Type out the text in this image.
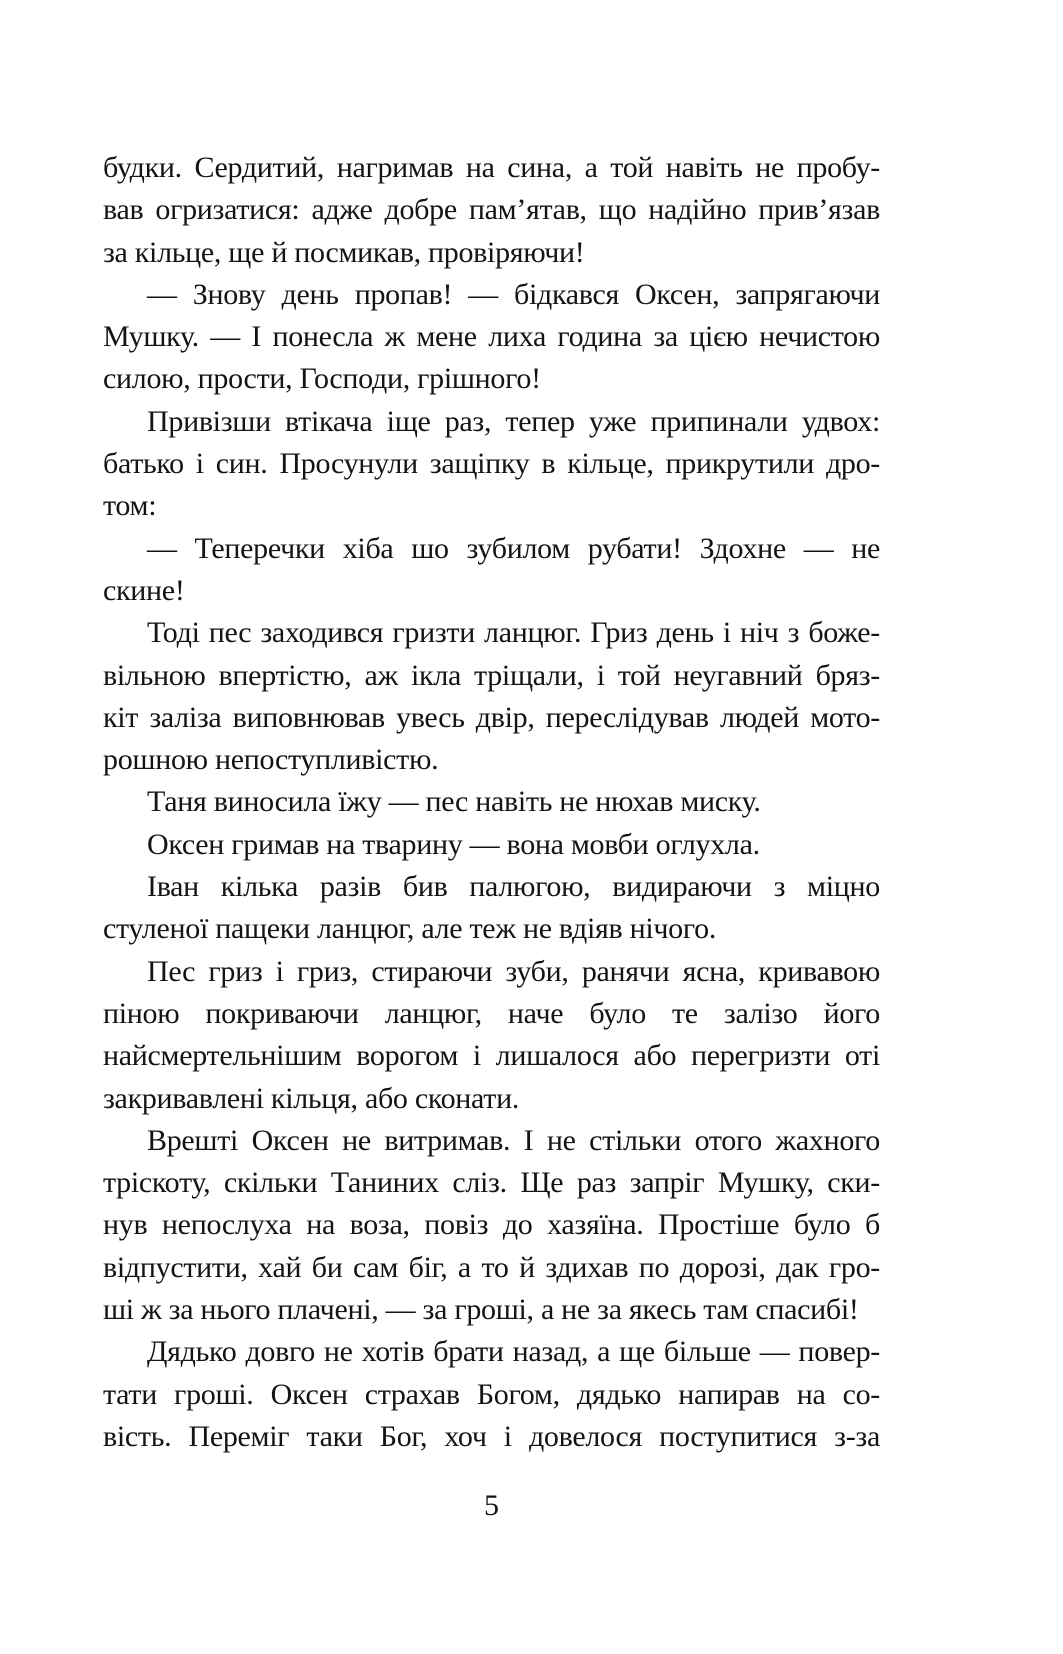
будки. Сердитий, нагримав на сина, а той навіть не пробу-
вав огризатися: адже добре пам’ятав, що надійно прив’язав
за кільце, ще й посмикав, провіряючи!
— Знову день пропав! — бідкався Оксен, запрягаючи
Мушку. — І понесла ж мене лиха година за цією нечистою
силою, прости, Господи, грішного!
Привізши втікача іще раз, тепер уже припинали удвох:
батько і син. Просунули защіпку в кільце, прикрутили дро-
том:
— Теперечки хіба шо зубилом рубати! Здохне — не
скине!
Тоді пес заходився гризти ланцюг. Гриз день і ніч з боже-
вільною впертістю, аж ікла тріщали, і той неугавний бряз-
кіт заліза виповнював увесь двір, переслідував людей мото-
рошною непоступливістю.
Таня виносила їжу — пес навіть не нюхав миску.
Оксен гримав на тварину — вона мовби оглухла.
Іван кілька разів бив палюгою, видираючи з міцно
стуленої пащеки ланцюг, але теж не вдіяв нічого.
Пес гриз і гриз, стираючи зуби, ранячи ясна, кривавою
піною покриваючи ланцюг, наче було те залізо його
найсмертельнішим ворогом і лишалося або перегризти оті
закривавлені кільця, або сконати.
Врешті Оксен не витримав. І не стільки отого жахного
тріскоту, скільки Таниних сліз. Ще раз запріг Мушку, ски-
нув непослуха на воза, повіз до хазяїна. Простіше було б
відпустити, хай би сам біг, а то й здихав по дорозі, дак гро-
ші ж за нього плачені, — за гроші, а не за якесь там спасибі!
Дядько довго не хотів брати назад, а ще більше — повер-
тати гроші. Оксен страхав Богом, дядько напирав на со-
вість. Переміг таки Бог, хоч і довелося поступитися з-за
5
